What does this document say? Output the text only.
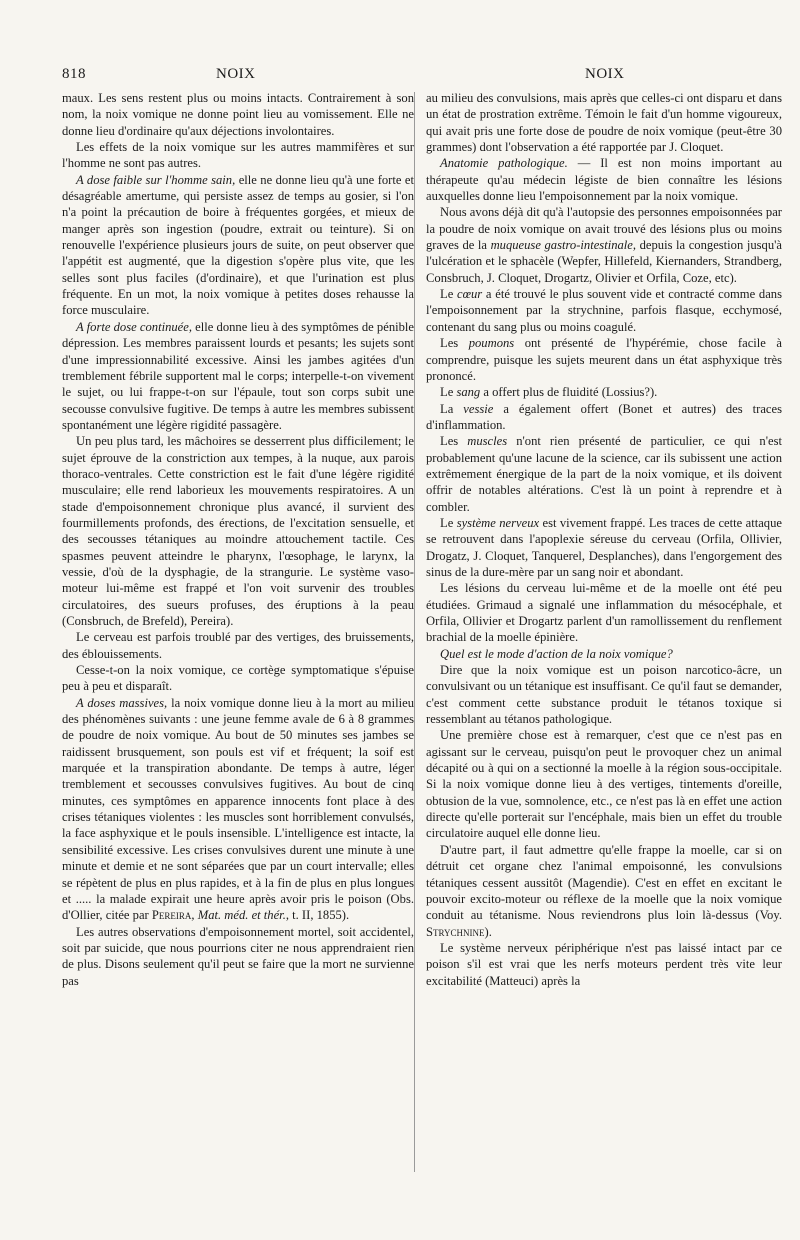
818	NOIX	NOIX

maux. Les sens restent plus ou moins intacts. Contrairement à son nom, la noix vomique ne donne point lieu au vomissement. Elle ne donne lieu d'ordinaire qu'aux déjections involontaires.

Les effets de la noix vomique sur les autres mammifères et sur l'homme ne sont pas autres.

A dose faible sur l'homme sain, elle ne donne lieu qu'à une forte et désagréable amertume, qui persiste assez de temps au gosier, si l'on n'a point la précaution de boire à fréquentes gorgées, et mieux de manger après son ingestion (poudre, extrait ou teinture). Si on renouvelle l'expérience plusieurs jours de suite, on peut observer que l'appétit est augmenté, que la digestion s'opère plus vite, que les selles sont plus faciles (d'ordinaire), et que l'urination est plus fréquente. En un mot, la noix vomique à petites doses rehausse la force musculaire.

A forte dose continuée, elle donne lieu à des symptômes de pénible dépression. Les membres paraissent lourds et pesants; les sujets sont d'une impressionnabilité excessive. Ainsi les jambes agitées d'un tremblement fébrile supportent mal le corps; interpelle-t-on vivement le sujet, ou lui frappe-t-on sur l'épaule, tout son corps subit une secousse convulsive fugitive. De temps à autre les membres subissent spontanément une légère rigidité passagère.

Un peu plus tard, les mâchoires se desserrent plus difficilement; le sujet éprouve de la constriction aux tempes, à la nuque, aux parois thoraco-ventrales. Cette constriction est le fait d'une légère rigidité musculaire; elle rend laborieux les mouvements respiratoires. A un stade d'empoisonnement chronique plus avancé, il survient des fourmillements profonds, des érections, de l'excitation sensuelle, et des secousses tétaniques au moindre attouchement tactile. Ces spasmes peuvent atteindre le pharynx, l'œsophage, le larynx, la vessie, d'où de la dysphagie, de la strangurie. Le système vaso-moteur lui-même est frappé et l'on voit survenir des troubles circulatoires, des sueurs profuses, des éruptions à la peau (Consbruch, de Brefeld), Pereira).

Le cerveau est parfois troublé par des vertiges, des bruissements, des éblouissements.

Cesse-t-on la noix vomique, ce cortège symptomatique s'épuise peu à peu et disparaît.

A doses massives, la noix vomique donne lieu à la mort au milieu des phénomènes suivants : une jeune femme avale de 6 à 8 grammes de poudre de noix vomique. Au bout de 50 minutes ses jambes se raidissent brusquement, son pouls est vif et fréquent; la soif est marquée et la transpiration abondante. De temps à autre, léger tremblement et secousses convulsives fugitives. Au bout de cinq minutes, ces symptômes en apparence innocents font place à des crises tétaniques violentes : les muscles sont horriblement convulsés, la face asphyxique et le pouls insensible. L'intelligence est intacte, la sensibilité excessive. Les crises convulsives durent une minute à une minute et demie et ne sont séparées que par un court intervalle; elles se répètent de plus en plus rapides, et à la fin de plus en plus longues et ..... la malade expirait une heure après avoir pris le poison (Obs. d'Ollier, citée par Pereira, Mat. méd. et thér., t. II, 1855).

Les autres observations d'empoisonnement mortel, soit accidentel, soit par suicide, que nous pourrions citer ne nous apprendraient rien de plus. Disons seulement qu'il peut se faire que la mort ne survienne pas

au milieu des convulsions, mais après que celles-ci ont disparu et dans un état de prostration extrême. Témoin le fait d'un homme vigoureux, qui avait pris une forte dose de poudre de noix vomique (peut-être 30 grammes) dont l'observation a été rapportée par J. Cloquet.

Anatomie pathologique. — Il est non moins important au thérapeute qu'au médecin légiste de bien connaître les lésions auxquelles donne lieu l'empoisonnement par la noix vomique.

Nous avons déjà dit qu'à l'autopsie des personnes empoisonnées par la poudre de noix vomique on avait trouvé des lésions plus ou moins graves de la muqueuse gastro-intestinale, depuis la congestion jusqu'à l'ulcération et le sphacèle (Wepfer, Hillefeld, Kiernanders, Strandberg, Consbruch, J. Cloquet, Drogartz, Olivier et Orfila, Coze, etc).

Le cœur a été trouvé le plus souvent vide et contracté comme dans l'empoisonnement par la strychnine, parfois flasque, ecchymosé, contenant du sang plus ou moins coagulé.

Les poumons ont présenté de l'hypérémie, chose facile à comprendre, puisque les sujets meurent dans un état asphyxique très prononcé.

Le sang a offert plus de fluidité (Lossius?).

La vessie a également offert (Bonet et autres) des traces d'inflammation.

Les muscles n'ont rien présenté de particulier, ce qui n'est probablement qu'une lacune de la science, car ils subissent une action extrêmement énergique de la part de la noix vomique, et ils doivent offrir de notables altérations. C'est là un point à reprendre et à combler.

Le système nerveux est vivement frappé. Les traces de cette attaque se retrouvent dans l'apoplexie séreuse du cerveau (Orfila, Ollivier, Drogatz, J. Cloquet, Tanquerel, Desplanches), dans l'engorgement des sinus de la dure-mère par un sang noir et abondant.

Les lésions du cerveau lui-même et de la moelle ont été peu étudiées. Grimaud a signalé une inflammation du mésocéphale, et Orfila, Ollivier et Drogartz parlent d'un ramollissement du renflement brachial de la moelle épinière.

Quel est le mode d'action de la noix vomique?

Dire que la noix vomique est un poison narcotico-âcre, un convulsivant ou un tétanique est insuffisant. Ce qu'il faut se demander, c'est comment cette substance produit le tétanos toxique si ressemblant au tétanos pathologique.

Une première chose est à remarquer, c'est que ce n'est pas en agissant sur le cerveau, puisqu'on peut le provoquer chez un animal décapité ou à qui on a sectionné la moelle à la région sous-occipitale. Si la noix vomique donne lieu à des vertiges, tintements d'oreille, obtusion de la vue, somnolence, etc., ce n'est pas là en effet une action directe qu'elle porterait sur l'encéphale, mais bien un effet du trouble circulatoire auquel elle donne lieu.

D'autre part, il faut admettre qu'elle frappe la moelle, car si on détruit cet organe chez l'animal empoisonné, les convulsions tétaniques cessent aussitôt (Magendie). C'est en effet en excitant le pouvoir excito-moteur ou réflexe de la moelle que la noix vomique conduit au tétanisme. Nous reviendrons plus loin là-dessus (Voy. Strychnine).

Le système nerveux périphérique n'est pas laissé intact par ce poison s'il est vrai que les nerfs moteurs perdent très vite leur excitabilité (Matteuci) après la
